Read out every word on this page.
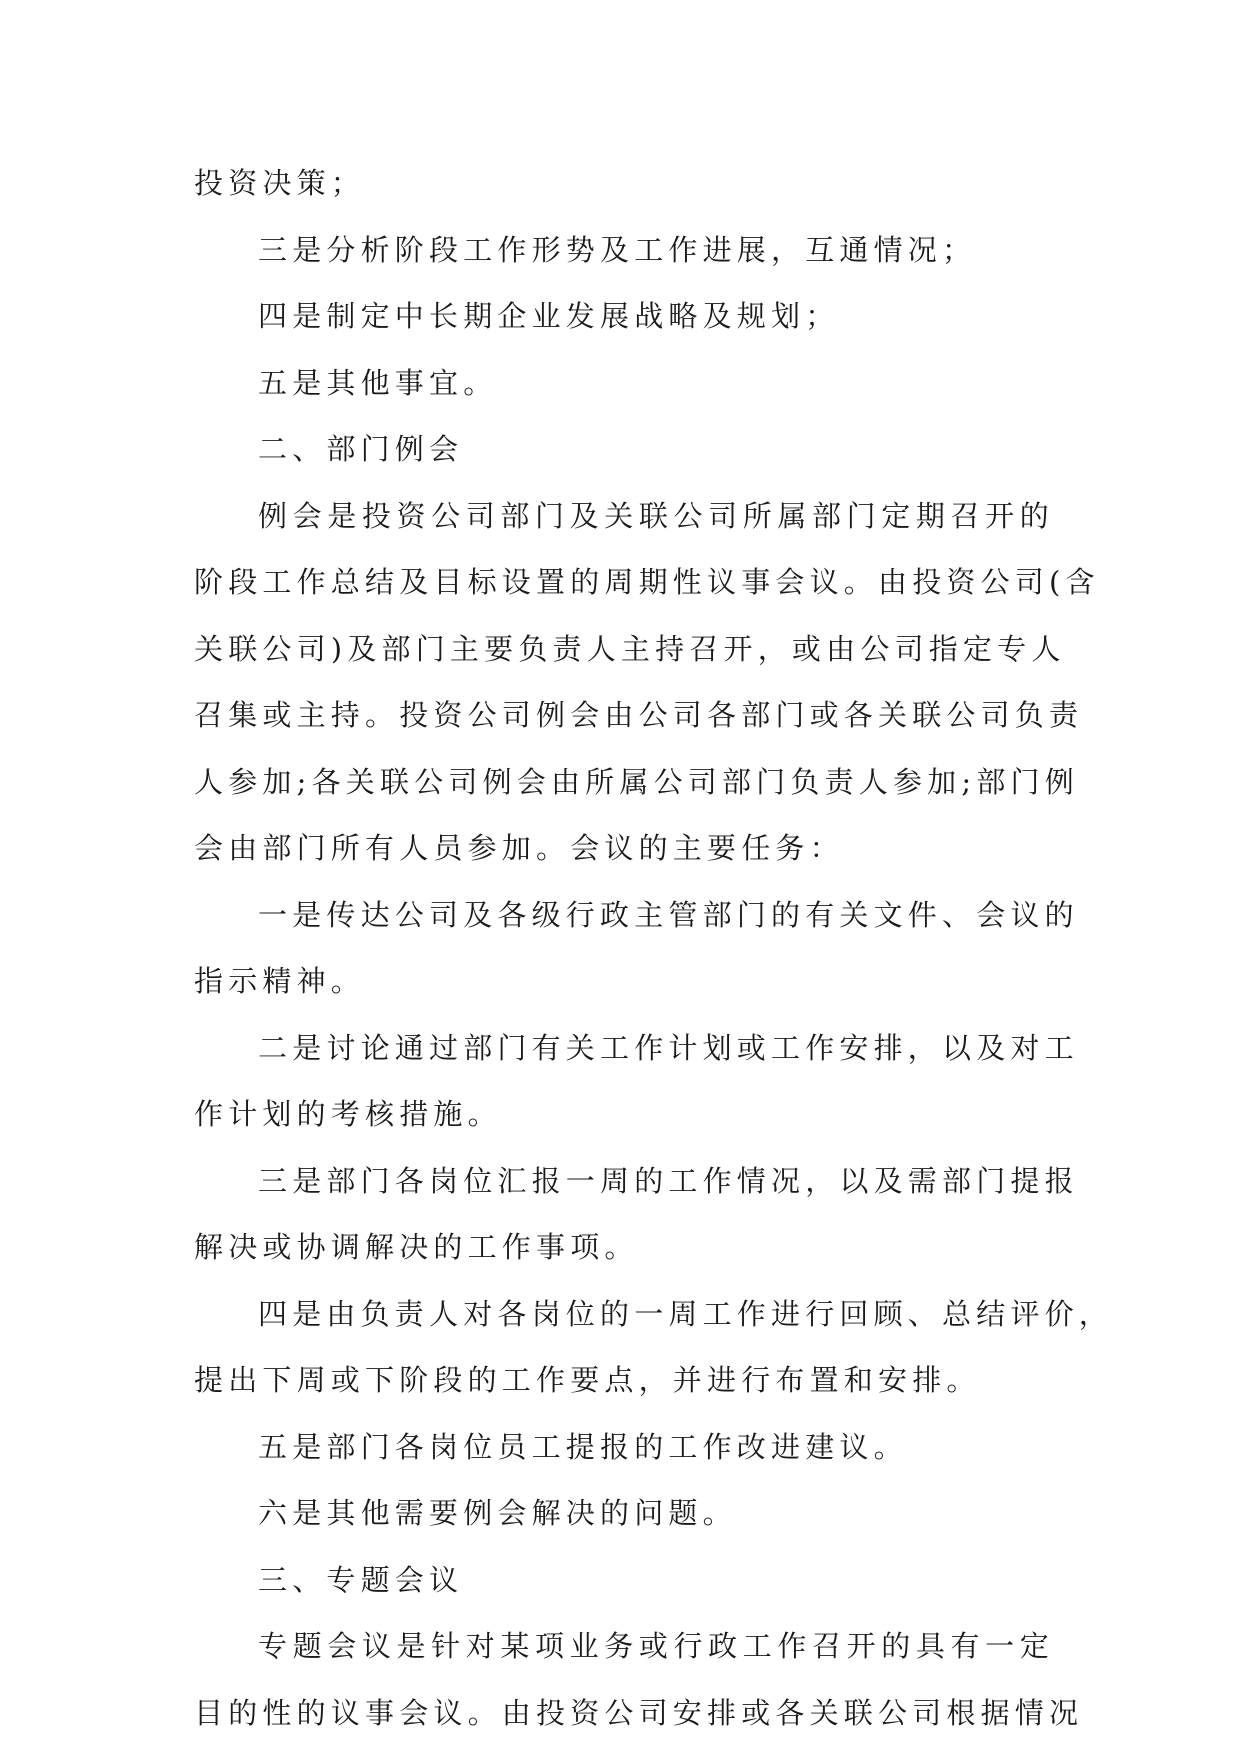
投资决策；
三是分析阶段工作形势及工作进展，互通情况；
四是制定中长期企业发展战略及规划；
五是其他事宜。
二、部门例会
例会是投资公司部门及关联公司所属部门定期召开的
阶段工作总结及目标设置的周期性议事会议。由投资公司(含
关联公司)及部门主要负责人主持召开，或由公司指定专人
召集或主持。投资公司例会由公司各部门或各关联公司负责
人参加;各关联公司例会由所属公司部门负责人参加;部门例
会由部门所有人员参加。会议的主要任务：
一是传达公司及各级行政主管部门的有关文件、会议的
指示精神。
二是讨论通过部门有关工作计划或工作安排，以及对工
作计划的考核措施。
三是部门各岗位汇报一周的工作情况，以及需部门提报
解决或协调解决的工作事项。
四是由负责人对各岗位的一周工作进行回顾、总结评价，
提出下周或下阶段的工作要点，并进行布置和安排。
五是部门各岗位员工提报的工作改进建议。
六是其他需要例会解决的问题。
三、专题会议
专题会议是针对某项业务或行政工作召开的具有一定
目的性的议事会议。由投资公司安排或各关联公司根据情况
